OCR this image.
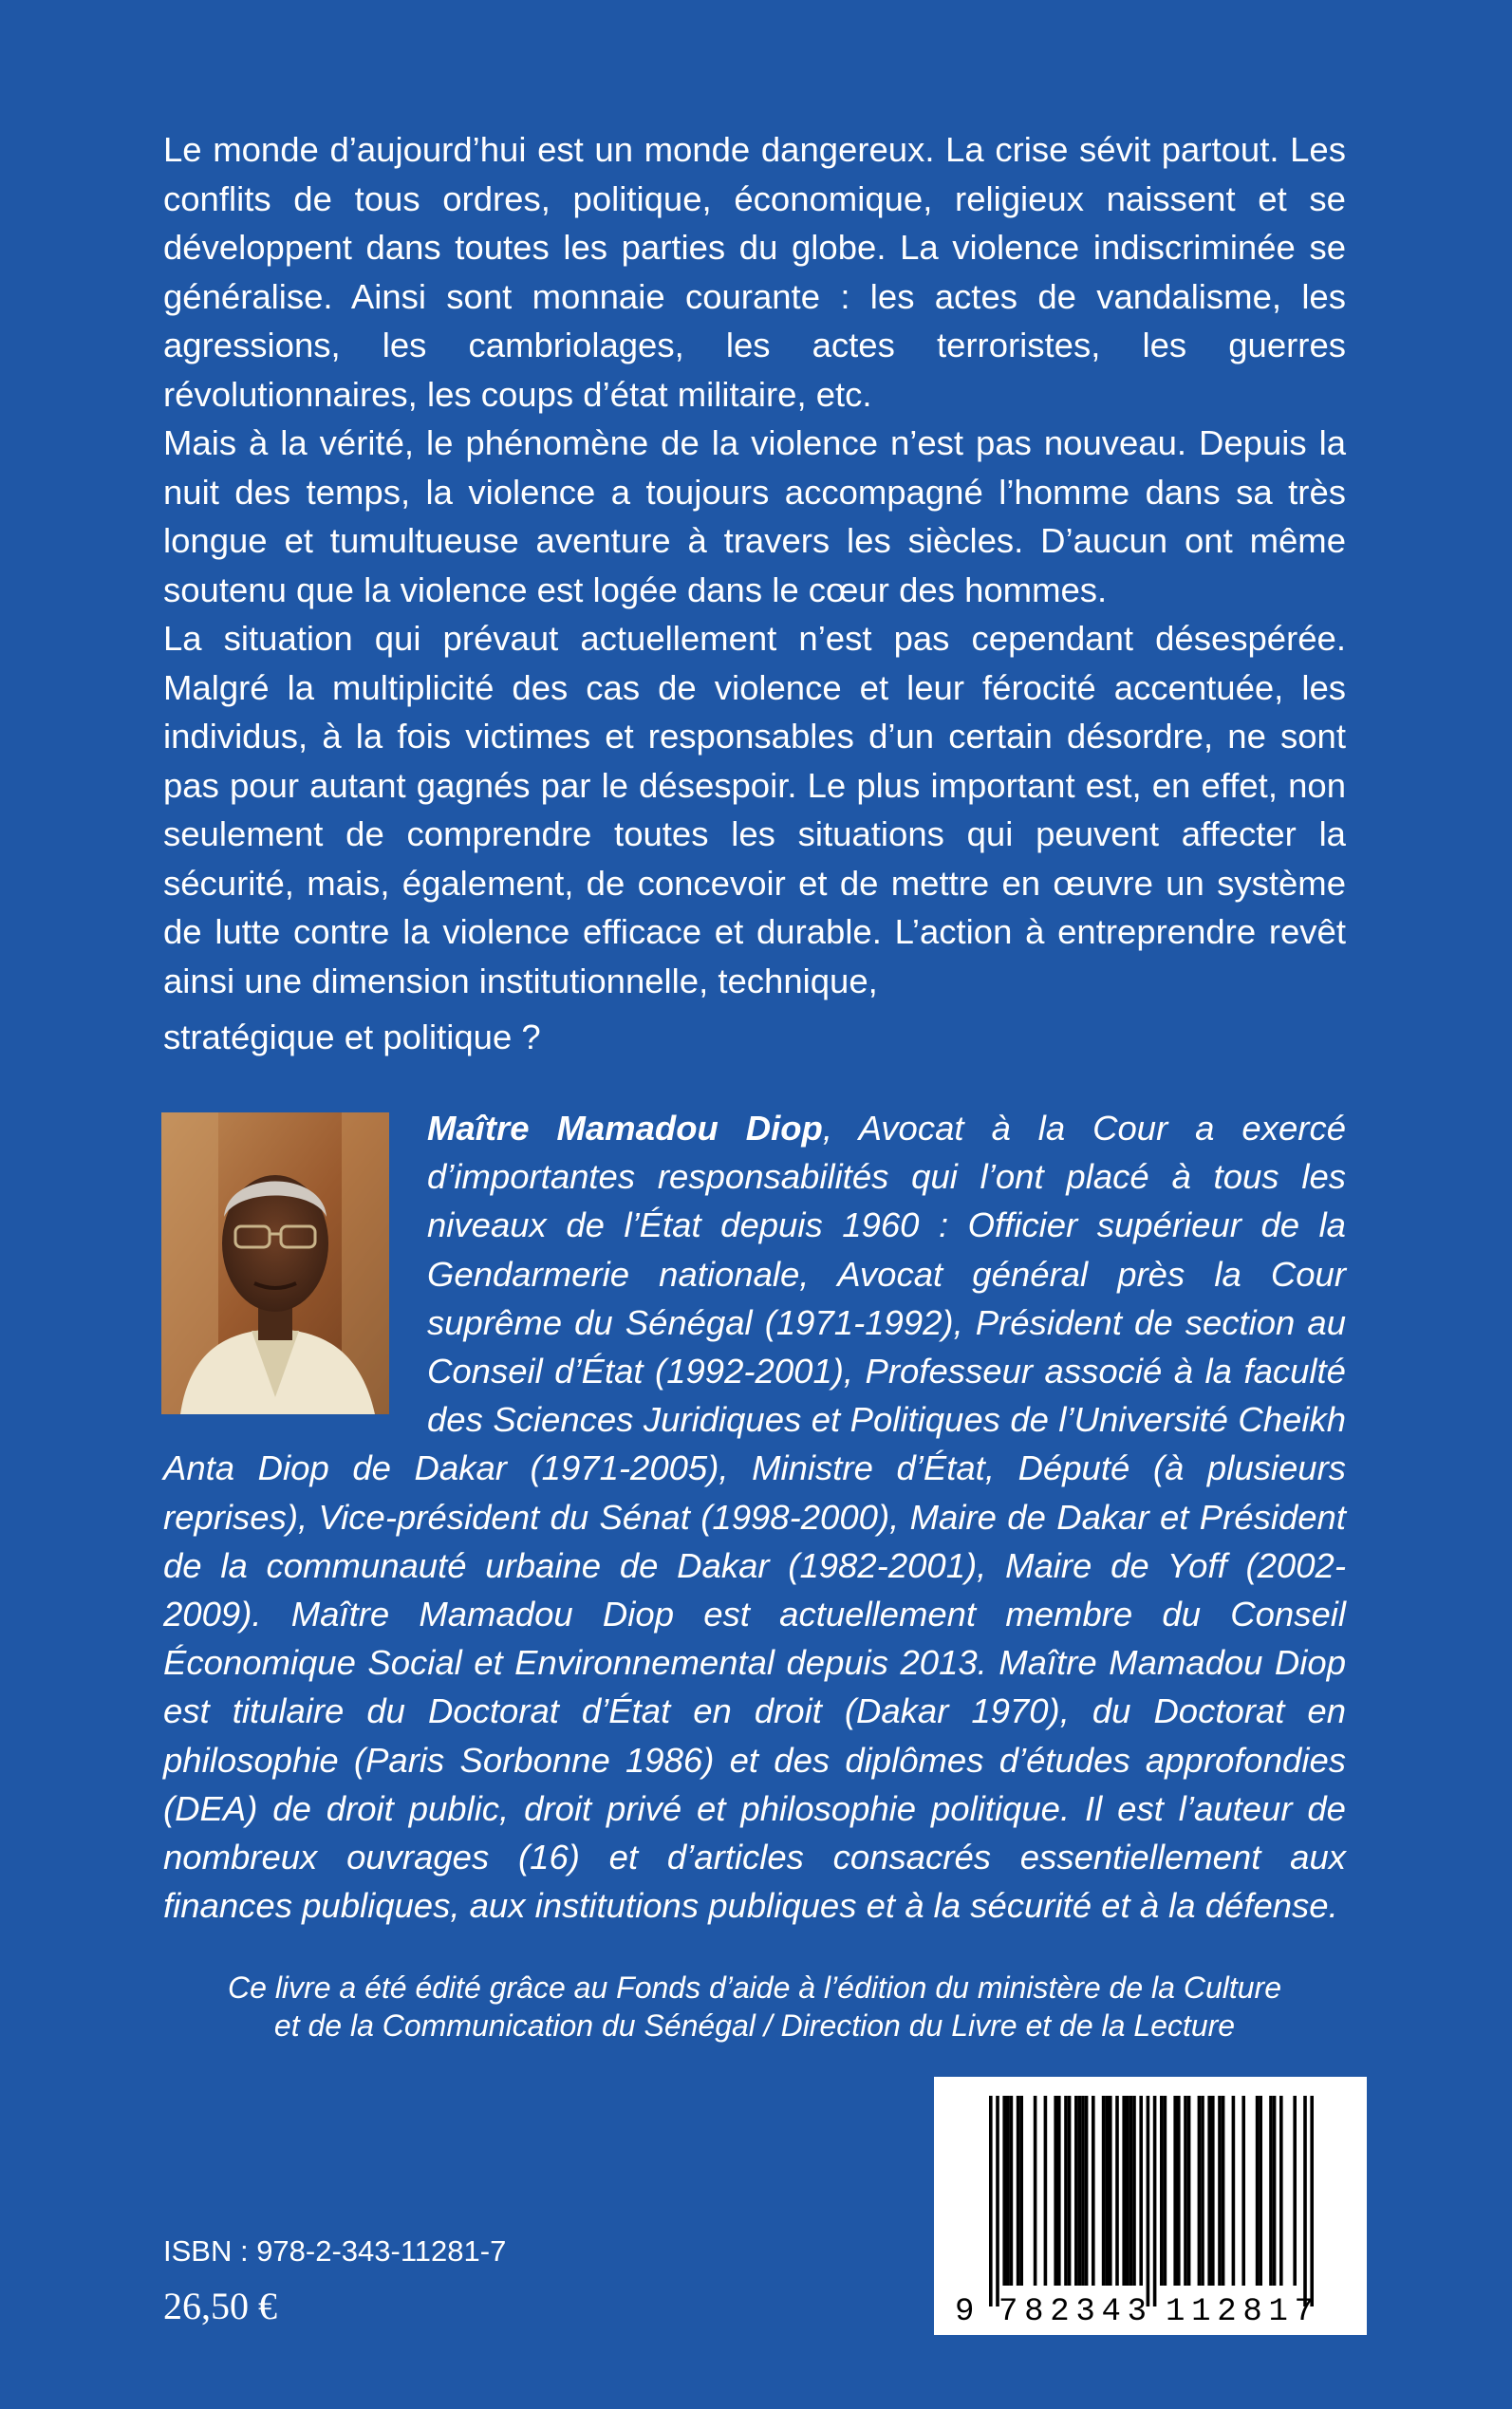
Le monde d’aujourd’hui est un monde dangereux. La crise sévit partout. Les conflits de tous ordres, politique, économique, religieux naissent et se développent dans toutes les parties du globe. La violence indiscriminée se généralise. Ainsi sont monnaie courante : les actes de vandalisme, les agressions, les cambriolages, les actes terroristes, les guerres révolutionnaires, les coups d’état militaire, etc.

Mais à la vérité, le phénomène de la violence n’est pas nouveau. Depuis la nuit des temps, la violence a toujours accompagné l’homme dans sa très longue et tumultueuse aventure à travers les siècles. D’aucun ont même soutenu que la violence est logée dans le cœur des hommes.

La situation qui prévaut actuellement n’est pas cependant désespérée. Malgré la multiplicité des cas de violence et leur férocité accentuée, les individus, à la fois victimes et responsables d’un certain désordre, ne sont pas pour autant gagnés par le désespoir. Le plus important est, en effet, non seulement de comprendre toutes les situations qui peuvent affecter la sécurité, mais, également, de concevoir et de mettre en œuvre un système de lutte contre la violence efficace et durable. L’action à entreprendre revêt ainsi une dimension institutionnelle, technique,

stratégique et politique ?

Maître Mamadou Diop, Avocat à la Cour a exercé d’importantes responsabilités qui l’ont placé à tous les niveaux de l’État depuis 1960 : Officier supérieur de la Gendarmerie nationale, Avocat général près la Cour suprême du Sénégal (1971-1992), Président de section au Conseil d’État (1992-2001), Professeur associé à la faculté des Sciences Juridiques et Politiques de l’Université Cheikh Anta Diop de Dakar (1971-2005), Ministre d’État, Député (à plusieurs reprises), Vice-président du Sénat (1998-2000), Maire de Dakar et Président de la communauté urbaine de Dakar (1982-2001), Maire de Yoff (2002-2009). Maître Mamadou Diop est actuellement membre du Conseil Économique Social et Environnemental depuis 2013. Maître Mamadou Diop est titulaire du Doctorat d’État en droit (Dakar 1970), du Doctorat en philosophie (Paris Sorbonne 1986) et des diplômes d’études approfondies (DEA) de droit public, droit privé et philosophie politique. Il est l’auteur de nombreux ouvrages (16) et d’articles consacrés essentiellement aux finances publiques, aux institutions publiques et à la sécurité et à la défense.
Ce livre a été édité grâce au Fonds d’aide à l’édition du ministère de la Culture
et de la Communication du Sénégal / Direction du Livre et de la Lecture
9 782343 112817
ISBN : 978-2-343-11281-7
26,50 €
